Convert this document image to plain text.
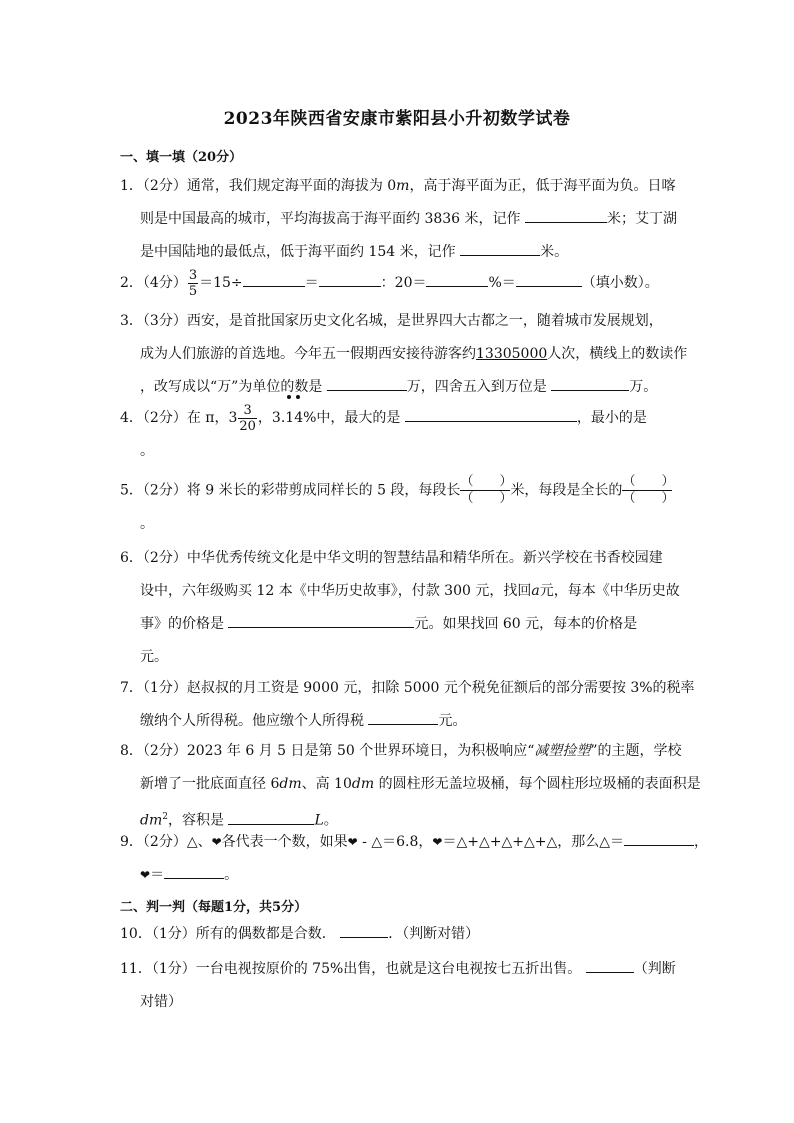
2023年陕西省安康市紫阳县小升初数学试卷
一、填一填（20分）
1．（2分）通常，我们规定海平面的海拔为 0m，高于海平面为正，低于海平面为负。日喀
则是中国最高的城市，平均海拔高于海平面约 3836 米，记作	米；艾丁湖
是中国陆地的最低点，低于海平面约 154 米，记作	米。
2．（4分） $\frac{3}{5} =15\div$	＝	：20＝	%＝	（填小数）。
3．（3分）西安，是首批国家历史文化名城，是世界四大古都之一，随着城市发展规划，
成为人们旅游的首选地。今年五一假期西安接待游客约13305000人次，横线上的数读作
，改写成以“万”为单位的数是	万，四舍五入到万位是	万。
4．（2分）在 π，$3 \frac{3}{20}$ ，3.
1
4%中，最大的是	，最小的是
。
5．（2分）将 9 米长的彩带剪成同样长的 5 段，每段长 $\frac{( )}{( )}$ 米，每段是全长的 $\frac{( )}{( )}$
。
6．（2分）中华优秀传统文化是中华文明的智慧结晶和精华所在。新兴学校在书香校园建
设中，六年级购买 12 本《中华历史故事》，付款 300 元，找回a元，每本《中华历史故
事》的价格是	元。如果找回 60 元，每本的价格是
元。
7．（1分）赵叔叔的月工资是 9000 元，扣除 5000 元个税免征额后的部分需要按 3%的税率
缴纳个人所得税。他应缴个人所得税	元。
8．（2分）2023 年 6 月 5 日是第 50 个世界环境日，为积极响应“减塑捡塑”的主题，学校
新增了一批底面直径 6dm、高 10dm 的圆柱形无盖垃圾桶，每个圆柱形垃圾桶的表面积是
$dm^2$，容积是	L。
9．（2分）△、❤各代表一个数，如果❤ - △＝6.8，❤＝△+△+△+△+△，那么△＝	，
❤＝	。
二、判一判（每题1分，共5分）
10．（1分）所有的偶数都是合数．	．（判断对错）
11．（1分）一台电视按原价的 75%出售，也就是这台电视按七五折出售。	（判断
对错）
